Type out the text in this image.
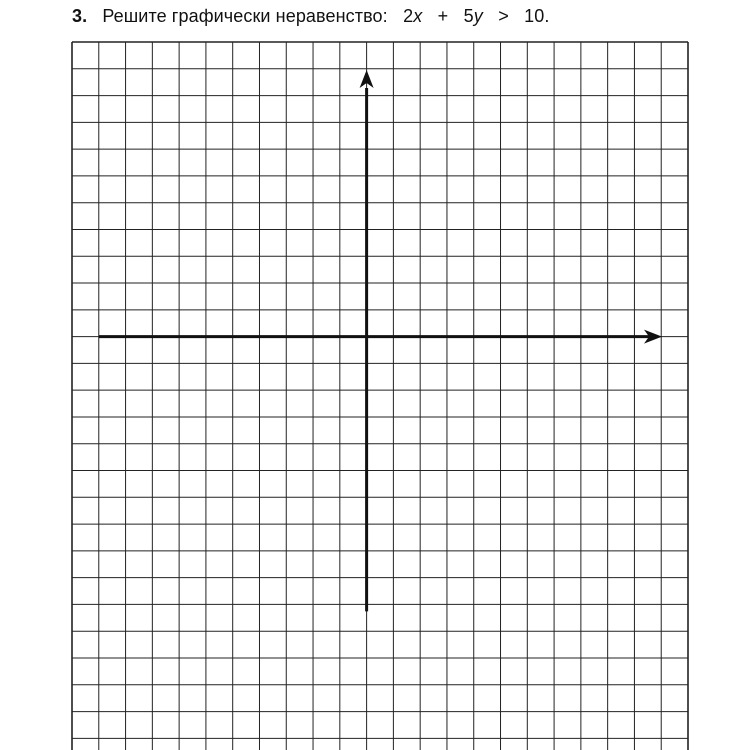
3. Решите графически неравенство: 2x + 5y > 10.
